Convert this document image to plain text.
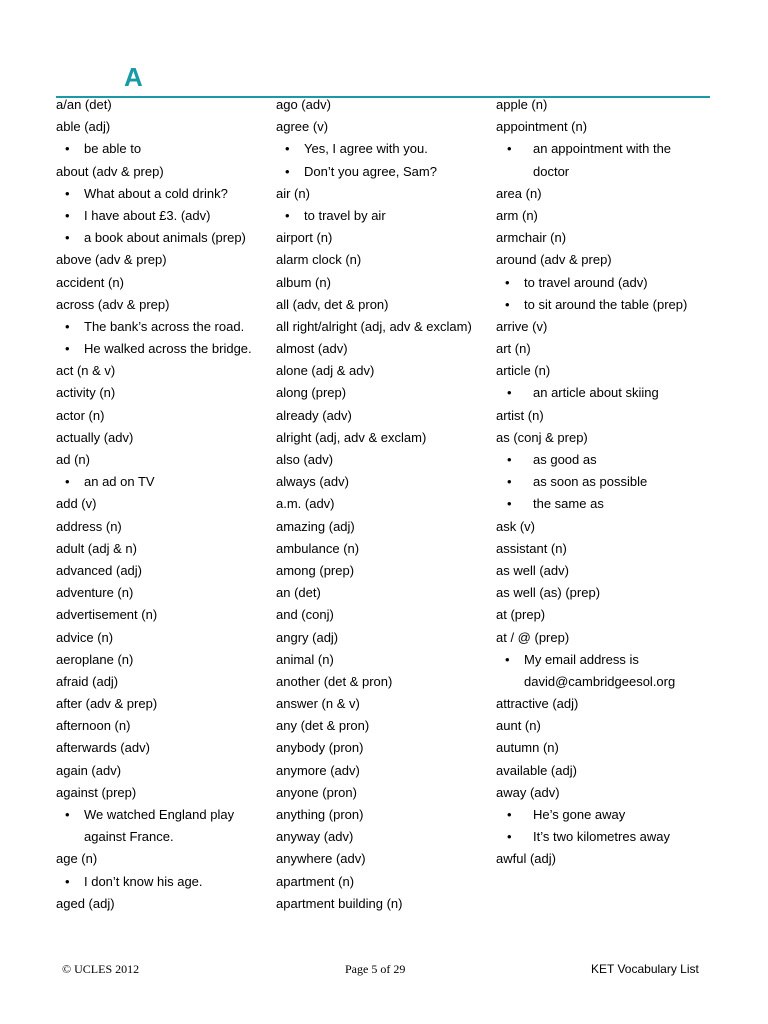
A
a/an (det)
able (adj)
• be able to
about (adv & prep)
• What about a cold drink?
• I have about £3. (adv)
• a book about animals (prep)
above (adv & prep)
accident (n)
across (adv & prep)
• The bank’s across the road.
• He walked across the bridge.
act (n & v)
activity (n)
actor (n)
actually (adv)
ad (n)
• an ad on TV
add (v)
address (n)
adult (adj & n)
advanced (adj)
adventure (n)
advertisement (n)
advice (n)
aeroplane (n)
afraid (adj)
after (adv & prep)
afternoon (n)
afterwards (adv)
again (adv)
against (prep)
• We watched England play
against France.
age (n)
• I don’t know his age.
aged (adj)
ago (adv)
agree (v)
• Yes, I agree with you.
• Don’t you agree, Sam?
air (n)
• to travel by air
airport (n)
alarm clock (n)
album (n)
all (adv, det & pron)
all right/alright (adj, adv & exclam)
almost (adv)
alone (adj & adv)
along (prep)
already (adv)
alright (adj, adv & exclam)
also (adv)
always (adv)
a.m. (adv)
amazing (adj)
ambulance (n)
among (prep)
an (det)
and (conj)
angry (adj)
animal (n)
another (det & pron)
answer (n & v)
any (det & pron)
anybody (pron)
anymore (adv)
anyone (pron)
anything (pron)
anyway (adv)
anywhere (adv)
apartment (n)
apartment building (n)
apple (n)
appointment (n)
• an appointment with the
doctor
area (n)
arm (n)
armchair (n)
around (adv & prep)
• to travel around (adv)
• to sit around the table (prep)
arrive (v)
art (n)
article (n)
• an article about skiing
artist (n)
as (conj & prep)
• as good as
• as soon as possible
• the same as
ask (v)
assistant (n)
as well (adv)
as well (as) (prep)
at (prep)
at / @ (prep)
• My email address is
david@cambridgeesol.org
attractive (adj)
aunt (n)
autumn (n)
available (adj)
away (adv)
• He’s gone away
• It’s two kilometres away
awful (adj)
© UCLES 2012	Page 5 of 29	KET Vocabulary List
